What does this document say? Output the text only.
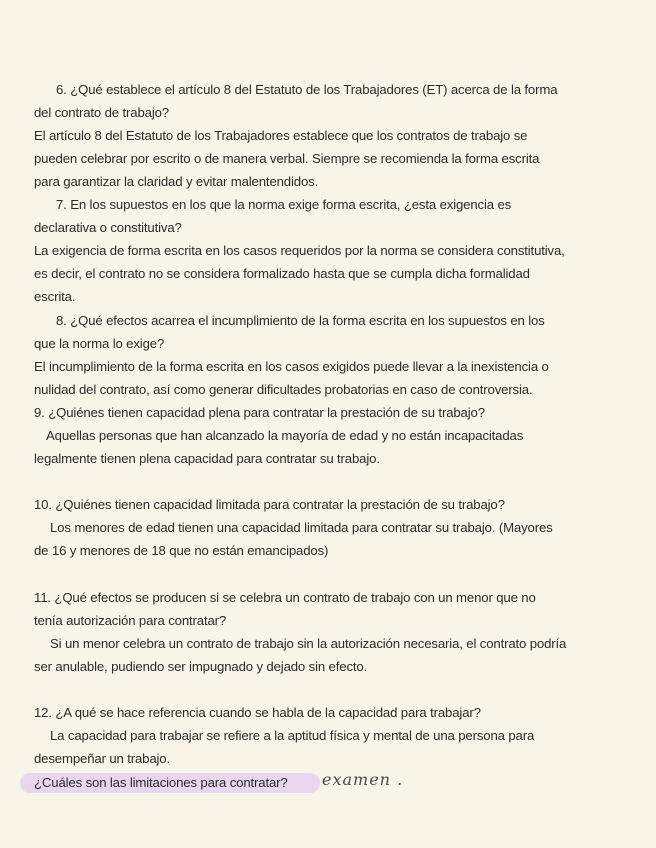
6. ¿Qué establece el artículo 8 del Estatuto de los Trabajadores (ET) acerca de la forma
del contrato de trabajo?
El artículo 8 del Estatuto de los Trabajadores establece que los contratos de trabajo se
pueden celebrar por escrito o de manera verbal. Siempre se recomienda la forma escrita
para garantizar la claridad y evitar malentendidos.
7. En los supuestos en los que la norma exige forma escrita, ¿esta exigencia es
declarativa o constitutiva?
La exigencia de forma escrita en los casos requeridos por la norma se considera constitutiva,
es decir, el contrato no se considera formalizado hasta que se cumpla dicha formalidad
escrita.
8. ¿Qué efectos acarrea el incumplimiento de la forma escrita en los supuestos en los
que la norma lo exige?
El incumplimiento de la forma escrita en los casos exigidos puede llevar a la inexistencia o
nulidad del contrato, así como generar dificultades probatorias en caso de controversia.
9. ¿Quiénes tienen capacidad plena para contratar la prestación de su trabajo?
Aquellas personas que han alcanzado la mayoría de edad y no están incapacitadas
legalmente tienen plena capacidad para contratar su trabajo.
10. ¿Quiénes tienen capacidad limitada para contratar la prestación de su trabajo?
Los menores de edad tienen una capacidad limitada para contratar su trabajo. (Mayores
de 16 y menores de 18 que no están emancipados)
11. ¿Qué efectos se producen si se celebra un contrato de trabajo con un menor que no
tenía autorización para contratar?
Si un menor celebra un contrato de trabajo sin la autorización necesaria, el contrato podría
ser anulable, pudiendo ser impugnado y dejado sin efecto.
12. ¿A qué se hace referencia cuando se habla de la capacidad para trabajar?
La capacidad para trabajar se refiere a la aptitud física y mental de una persona para
desempeñar un trabajo.
¿Cuáles son las limitaciones para contratar?	examen .
